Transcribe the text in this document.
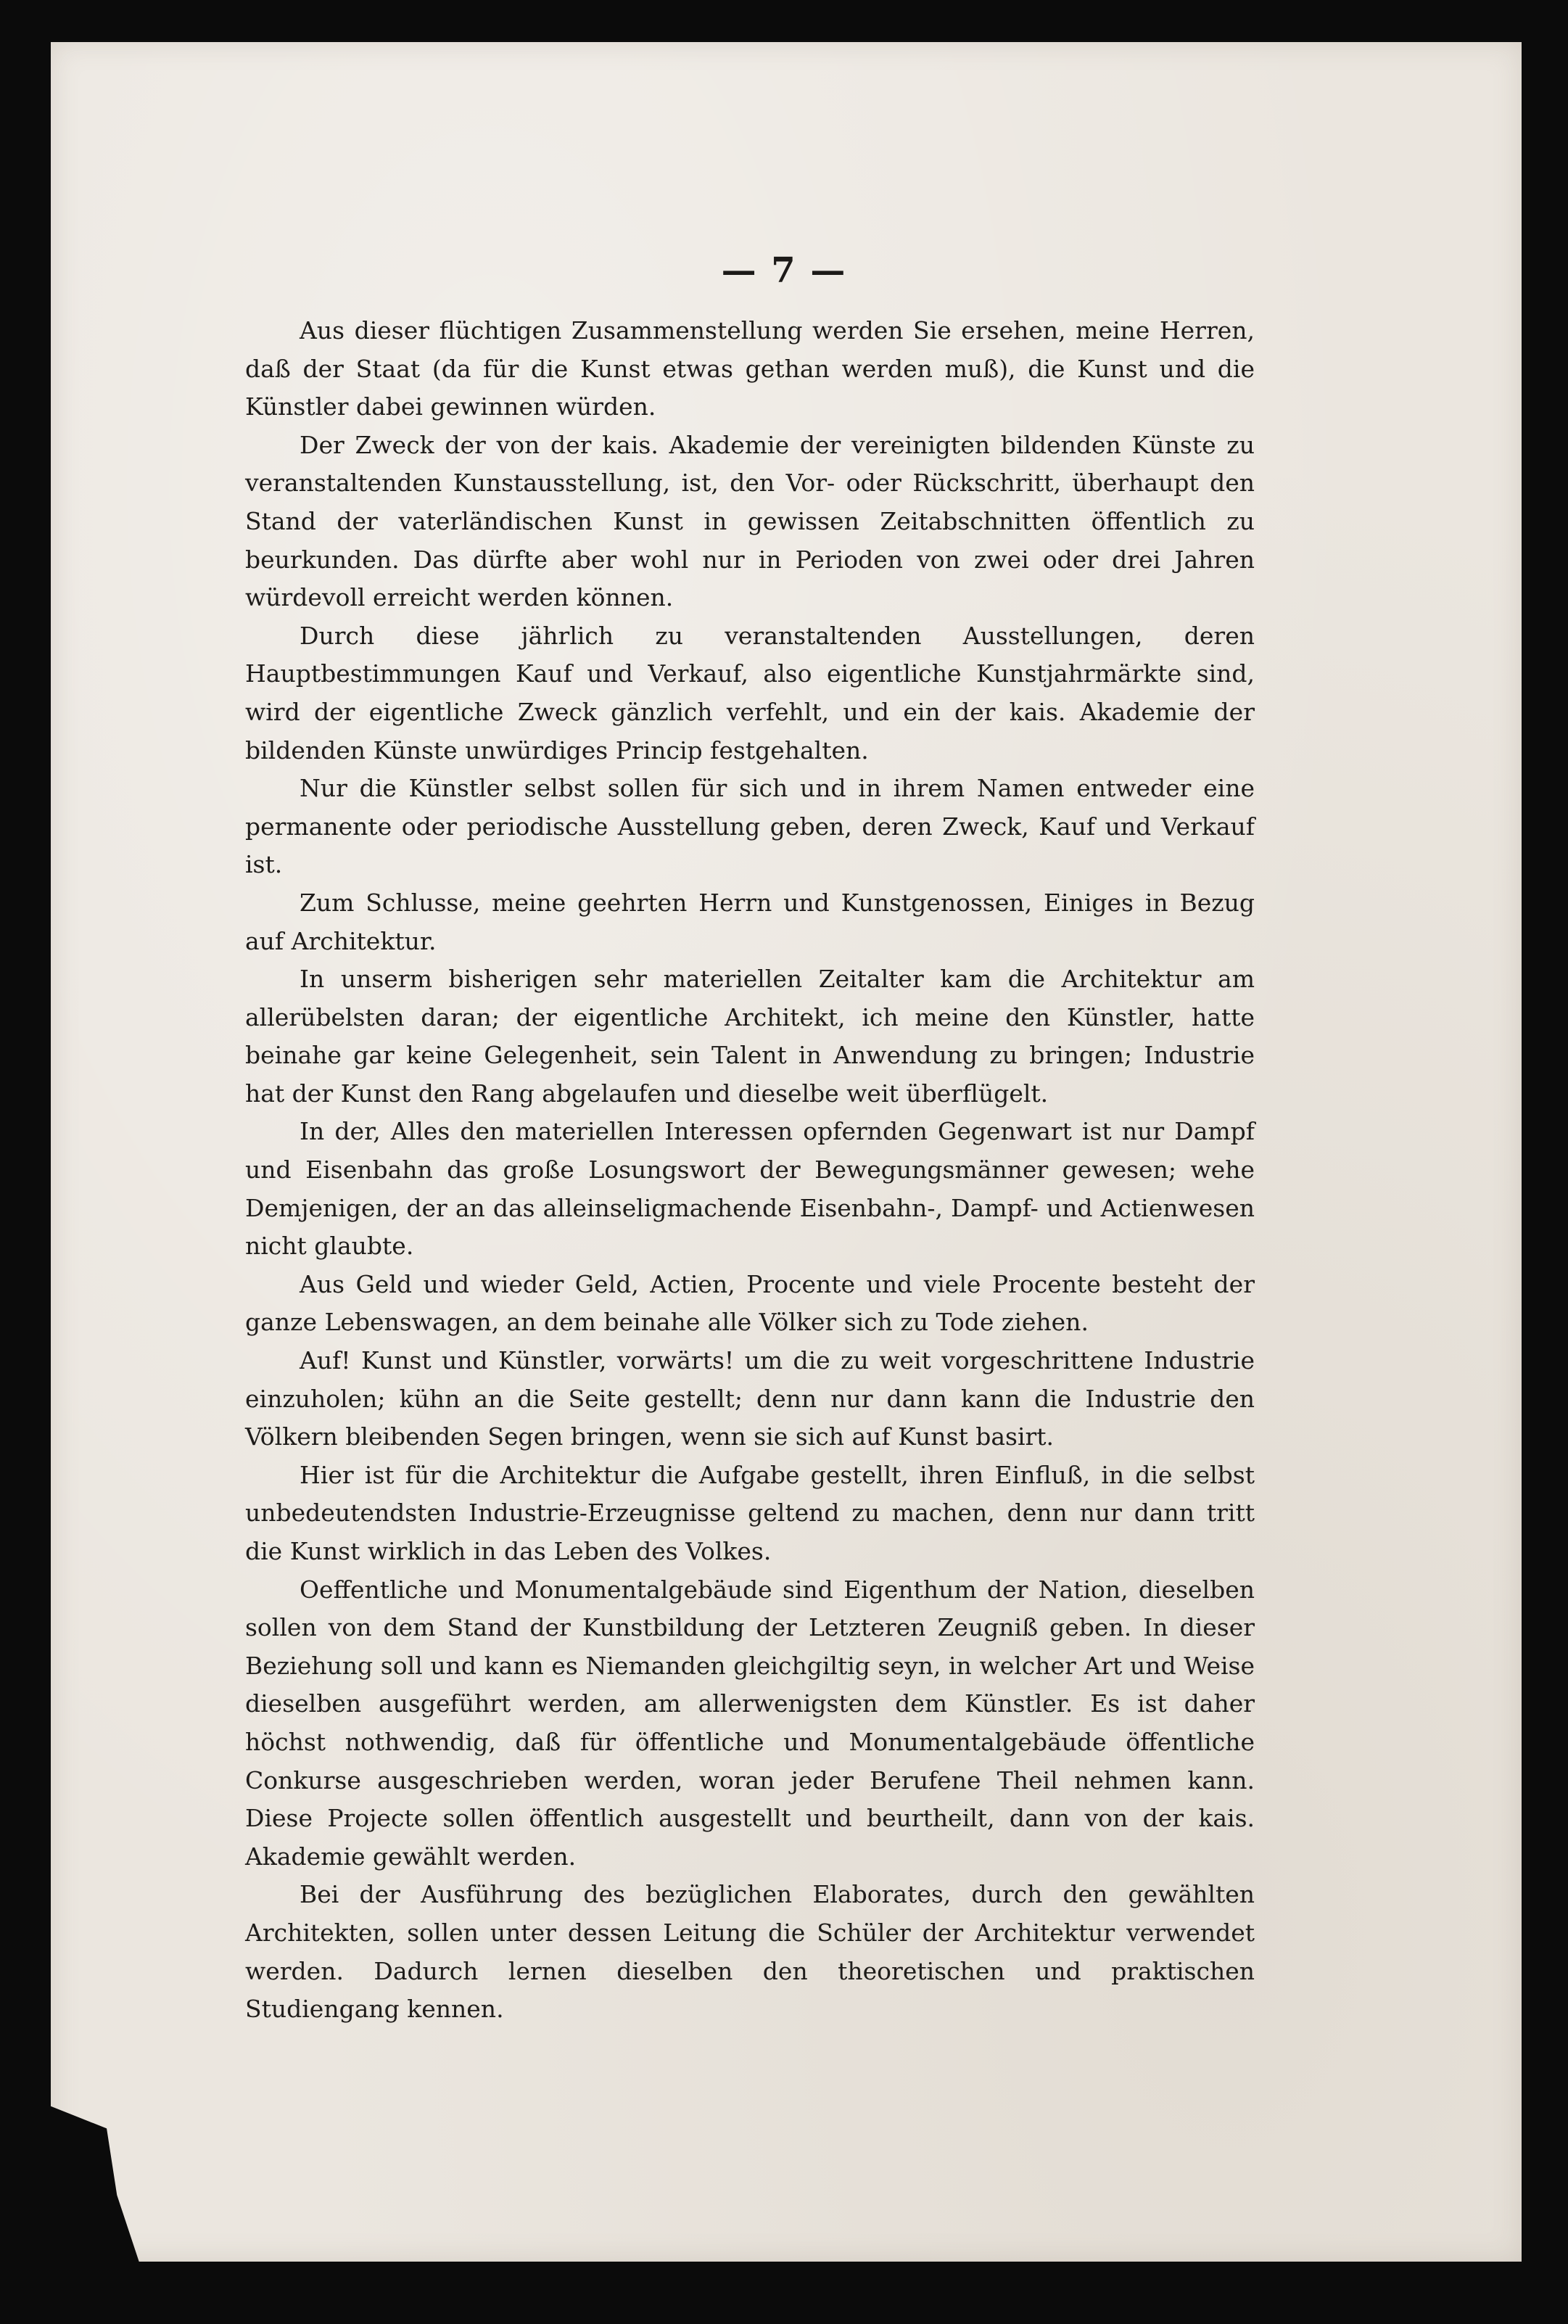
— 7 —

Aus dieser flüchtigen Zusammenstellung werden Sie ersehen, meine Herren, daß der Staat (da für die Kunst etwas gethan werden muß), die Kunst und die Künstler dabei gewinnen würden.

Der Zweck der von der kais. Akademie der vereinigten bildenden Künste zu veranstaltenden Kunstausstellung, ist, den Vor- oder Rückschritt, überhaupt den Stand der vaterländischen Kunst in gewissen Zeitabschnitten öffentlich zu beurkunden. Das dürfte aber wohl nur in Perioden von zwei oder drei Jahren würdevoll erreicht werden können.

Durch diese jährlich zu veranstaltenden Ausstellungen, deren Hauptbestimmungen Kauf und Verkauf, also eigentliche Kunstjahrmärkte sind, wird der eigentliche Zweck gänzlich verfehlt, und ein der kais. Akademie der bildenden Künste unwürdiges Princip festgehalten.

Nur die Künstler selbst sollen für sich und in ihrem Namen entweder eine permanente oder periodische Ausstellung geben, deren Zweck, Kauf und Verkauf ist.

Zum Schlusse, meine geehrten Herrn und Kunstgenossen, Einiges in Bezug auf Architektur.

In unserm bisherigen sehr materiellen Zeitalter kam die Architektur am allerübelsten daran; der eigentliche Architekt, ich meine den Künstler, hatte beinahe gar keine Gelegenheit, sein Talent in Anwendung zu bringen; Industrie hat der Kunst den Rang abgelaufen und dieselbe weit überflügelt.

In der, Alles den materiellen Interessen opfernden Gegenwart ist nur Dampf und Eisenbahn das große Losungswort der Bewegungsmänner gewesen; wehe Demjenigen, der an das alleinseligmachende Eisenbahn-, Dampf- und Actienwesen nicht glaubte.

Aus Geld und wieder Geld, Actien, Procente und viele Procente besteht der ganze Lebenswagen, an dem beinahe alle Völker sich zu Tode ziehen.

Auf! Kunst und Künstler, vorwärts! um die zu weit vorgeschrittene Industrie einzuholen; kühn an die Seite gestellt; denn nur dann kann die Industrie den Völkern bleibenden Segen bringen, wenn sie sich auf Kunst basirt.

Hier ist für die Architektur die Aufgabe gestellt, ihren Einfluß, in die selbst unbedeutendsten Industrie-Erzeugnisse geltend zu machen, denn nur dann tritt die Kunst wirklich in das Leben des Volkes.

Oeffentliche und Monumentalgebäude sind Eigenthum der Nation, dieselben sollen von dem Stand der Kunstbildung der Letzteren Zeugniß geben. In dieser Beziehung soll und kann es Niemanden gleichgiltig seyn, in welcher Art und Weise dieselben ausgeführt werden, am allerwenigsten dem Künstler. Es ist daher höchst nothwendig, daß für öffentliche und Monumentalgebäude öffentliche Conkurse ausgeschrieben werden, woran jeder Berufene Theil nehmen kann. Diese Projecte sollen öffentlich ausgestellt und beurtheilt, dann von der kais. Akademie gewählt werden.

Bei der Ausführung des bezüglichen Elaborates, durch den gewählten Architekten, sollen unter dessen Leitung die Schüler der Architektur verwendet werden. Dadurch lernen dieselben den theoretischen und praktischen Studiengang kennen.
